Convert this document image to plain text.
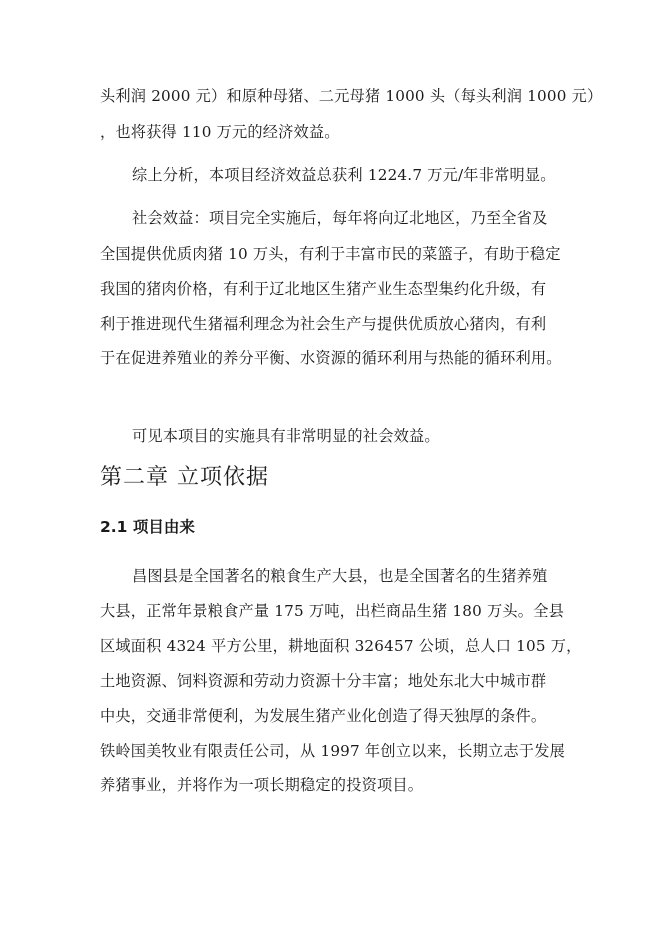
头利润 2000 元）和原种母猪、二元母猪 1000 头（每头利润 1000 元）
，也将获得 110 万元的经济效益。
综上分析，本项目经济效益总获利 1224.7 万元/年非常明显。
社会效益：项目完全实施后，每年将向辽北地区，乃至全省及
全国提供优质肉猪 10 万头，有利于丰富市民的菜篮子，有助于稳定
我国的猪肉价格，有利于辽北地区生猪产业生态型集约化升级，有
利于推进现代生猪福利理念为社会生产与提供优质放心猪肉，有利
于在促进养殖业的养分平衡、水资源的循环利用与热能的循环利用。
可见本项目的实施具有非常明显的社会效益。
第二章 立项依据
2.1 项目由来
昌图县是全国著名的粮食生产大县，也是全国著名的生猪养殖
大县，正常年景粮食产量 175 万吨，出栏商品生猪 180 万头。全县
区域面积 4324 平方公里，耕地面积 326457 公顷，总人口 105 万，
土地资源、饲料资源和劳动力资源十分丰富；地处东北大中城市群
中央，交通非常便利，为发展生猪产业化创造了得天独厚的条件。
铁岭国美牧业有限责任公司，从 1997 年创立以来，长期立志于发展
养猪事业，并将作为一项长期稳定的投资项目。
